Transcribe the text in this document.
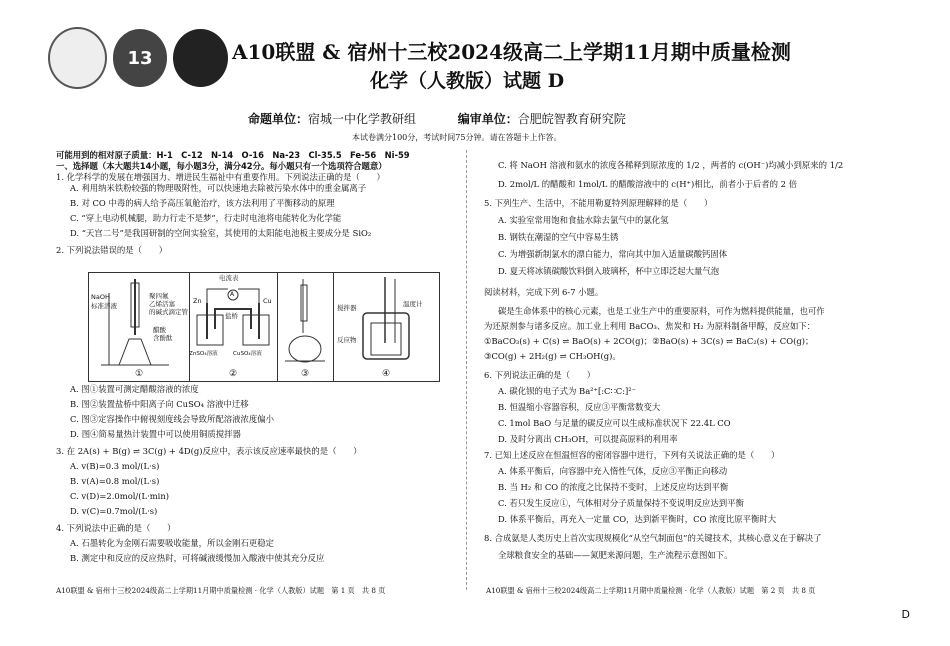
13	A10联盟 & 宿州十三校2024级高二上学期11月期中质量检测
化学（人教版）试题 D
命题单位：宿城一中化学教研组	编审单位：合肥皖智教育研究院
本试卷满分100分，考试时间75分钟。请在答题卡上作答。
可能用到的相对原子质量：H-1　C-12　N-14　O-16　Na-23　Cl-35.5　Fe-56　Ni-59
一、选择题（本大题共14小题，每小题3分，满分42分。每小题只有一个选项符合题意）
1. 化学科学的发展在增强国力、增进民生福祉中有重要作用。下列说法正确的是（　　）
A. 利用纳米铁粉较强的物理吸附性，可以快速地去除被污染水体中的重金属离子
B. 对 CO 中毒的病人给予高压氧舱治疗，该方法利用了平衡移动的原理
C. “穿上电动机械腿，助力行走不是梦”，行走时电池将电能转化为化学能
D. “天宫二号”是我国研制的空间实验室，其使用的太阳能电池板主要成分是 SiO₂
2. 下列说法错误的是（　　）
NaOH
标准溶液
聚四氟
乙烯活塞
的碱式滴定管
醋酸
含酚酞
①
电流表
A
Zn	Cu
盐桥
ZnSO₄溶液	CuSO₄溶液
②	③
搅拌器	温度计
反应物
④
A. 图①装置可测定醋酸溶液的浓度
B. 图②装置盐桥中阳离子向 CuSO₄ 溶液中迁移
C. 图③定容操作中俯视刻度线会导致所配溶液浓度偏小
D. 图④简易量热计装置中可以使用铜质搅拌器
3. 在 2A(s) + B(g) ⇌ 3C(g) + 4D(g)反应中，表示该反应速率最快的是（　　）
A. v(B)=0.3 mol/(L·s)
B. v(A)=0.8 mol/(L·s)
C. v(D)=2.0mol/(L·min)
D. v(C)=0.7mol/(L·s)
4. 下列说法中正确的是（　　）
A. 石墨转化为金刚石需要吸收能量，所以金刚石更稳定
B. 测定中和反应的反应热时，可将碱液缓慢加入酸液中使其充分反应
A10联盟 & 宿州十三校2024级高二上学期11月期中质量检测 · 化学（人教版）试题　第 1 页　共 8 页
C. 将 NaOH 溶液和氨水的浓度各稀释到原浓度的 1/2 ，两者的 c(OH⁻)均减小到原来的 1/2
D. 2mol/L 的醋酸和 1mol/L 的醋酸溶液中的 c(H⁺)相比，前者小于后者的 2 倍
5. 下列生产、生活中，不能用勒夏特列原理解释的是（　　）
A. 实验室常用饱和食盐水除去氯气中的氯化氢
B. 钢铁在潮湿的空气中容易生锈
C. 为增强新制氯水的漂白能力，常向其中加入适量碳酸钙固体
D. 夏天将冰镇碳酸饮料倒入玻璃杯，杯中立即泛起大量气泡
阅读材料，完成下列 6-7 小题。
碳是生命体系中的核心元素，也是工业生产中的重要原料，可作为燃料提供能量，也可作
为还原剂参与诸多反应。加工业上利用 BaCO₃、焦炭和 H₂ 为原料制备甲醇，反应如下：
①BaCO₃(s) + C(s) ⇌ BaO(s) + 2CO(g)；②BaO(s) + 3C(s) ⇌ BaC₂(s) + CO(g)；
③CO(g) + 2H₂(g) ⇌ CH₃OH(g)。
6. 下列说法正确的是（　　）
A. 碳化钡的电子式为 Ba²⁺[:C∷C:]²⁻
B. 恒温缩小容器容积，反应③平衡常数变大
C. 1mol BaO 与足量的碳反应可以生成标准状况下 22.4L CO
D. 及时分离出 CH₃OH，可以提高原料的利用率
7. 已知上述反应在恒温恒容的密闭容器中进行，下列有关说法正确的是（　　）
A. 体系平衡后，向容器中充入惰性气体，反应③平衡正向移动
B. 当 H₂ 和 CO 的浓度之比保持不变时，上述反应均达到平衡
C. 若只发生反应①，气体相对分子质量保持不变说明反应达到平衡
D. 体系平衡后，再充入一定量 CO，达到新平衡时，CO 浓度比原平衡时大
8. 合成氨是人类历史上首次实现规模化“从空气制面包”的关键技术，其核心意义在于解决了
全球粮食安全的基础——氮肥来源问题，生产流程示意图如下。
A10联盟 & 宿州十三校2024级高二上学期11月期中质量检测 · 化学（人教版）试题　第 2 页　共 8 页
D
